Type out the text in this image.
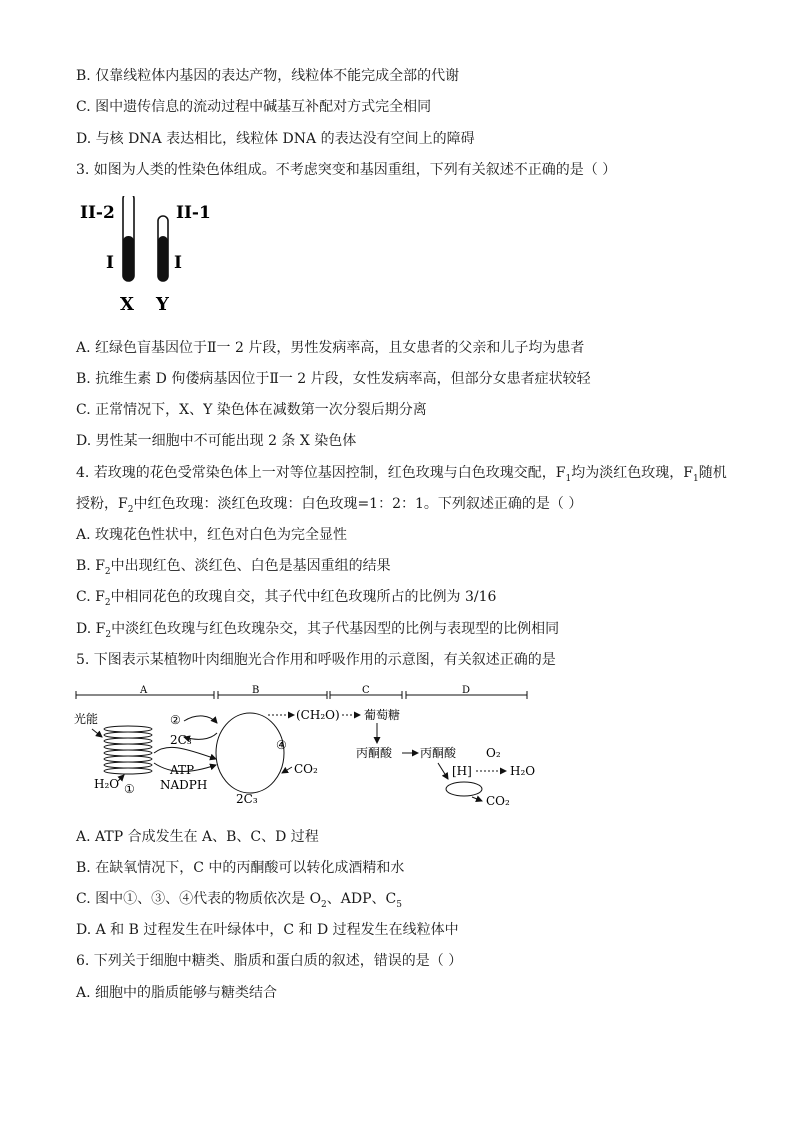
B. 仅靠线粒体内基因的表达产物，线粒体不能完成全部的代谢
C. 图中遗传信息的流动过程中碱基互补配对方式完全相同
D. 与核 DNA 表达相比，线粒体 DNA 的表达没有空间上的障碍
3. 如图为人类的性染色体组成。不考虑突变和基因重组，下列有关叙述不正确的是（ ）
II-2	II-1
I	I
X Y
A. 红绿色盲基因位于Ⅱ一 2 片段，男性发病率高，且女患者的父亲和儿子均为患者
B. 抗维生素 D 佝偻病基因位于Ⅱ一 2 片段，女性发病率高，但部分女患者症状较轻
C. 正常情况下，X、Y 染色体在减数第一次分裂后期分离
D. 男性某一细胞中不可能出现 2 条 X 染色体
4. 若玫瑰的花色受常染色体上一对等位基因控制，红色玫瑰与白色玫瑰交配，$F_1$均为淡红色玫瑰，$F_1$随机
授粉，$F_2$中红色玫瑰：淡红色玫瑰：白色玫瑰=1：2：1。下列叙述正确的是（ ）
A. 玫瑰花色性状中，红色对白色为完全显性
B. $F_2$中出现红色、淡红色、白色是基因重组的结果
C. $F_2$中相同花色的玫瑰自交，其子代中红色玫瑰所占的比例为 3/16
D. $F_2$中淡红色玫瑰与红色玫瑰杂交，其子代基因型的比例与表现型的比例相同
5. 下图表示某植物叶肉细胞光合作用和呼吸作用的示意图，有关叙述正确的是
A	B	C	D
光能
H₂O ①
ATP
NADPH
②
2C₃
(CH₂O)
④
CO₂
2C₃
葡萄糖
丙酮酸 丙酮酸
[H]
O₂
H₂O
CO₂
A. ATP 合成发生在 A、B、C、D 过程
B. 在缺氧情况下，C 中的丙酮酸可以转化成酒精和水
C. 图中①、③、④代表的物质依次是 $O_2$、ADP、$C_5$
D. A 和 B 过程发生在叶绿体中，C 和 D 过程发生在线粒体中
6. 下列关于细胞中糖类、脂质和蛋白质的叙述，错误的是（ ）
A. 细胞中的脂质能够与糖类结合
